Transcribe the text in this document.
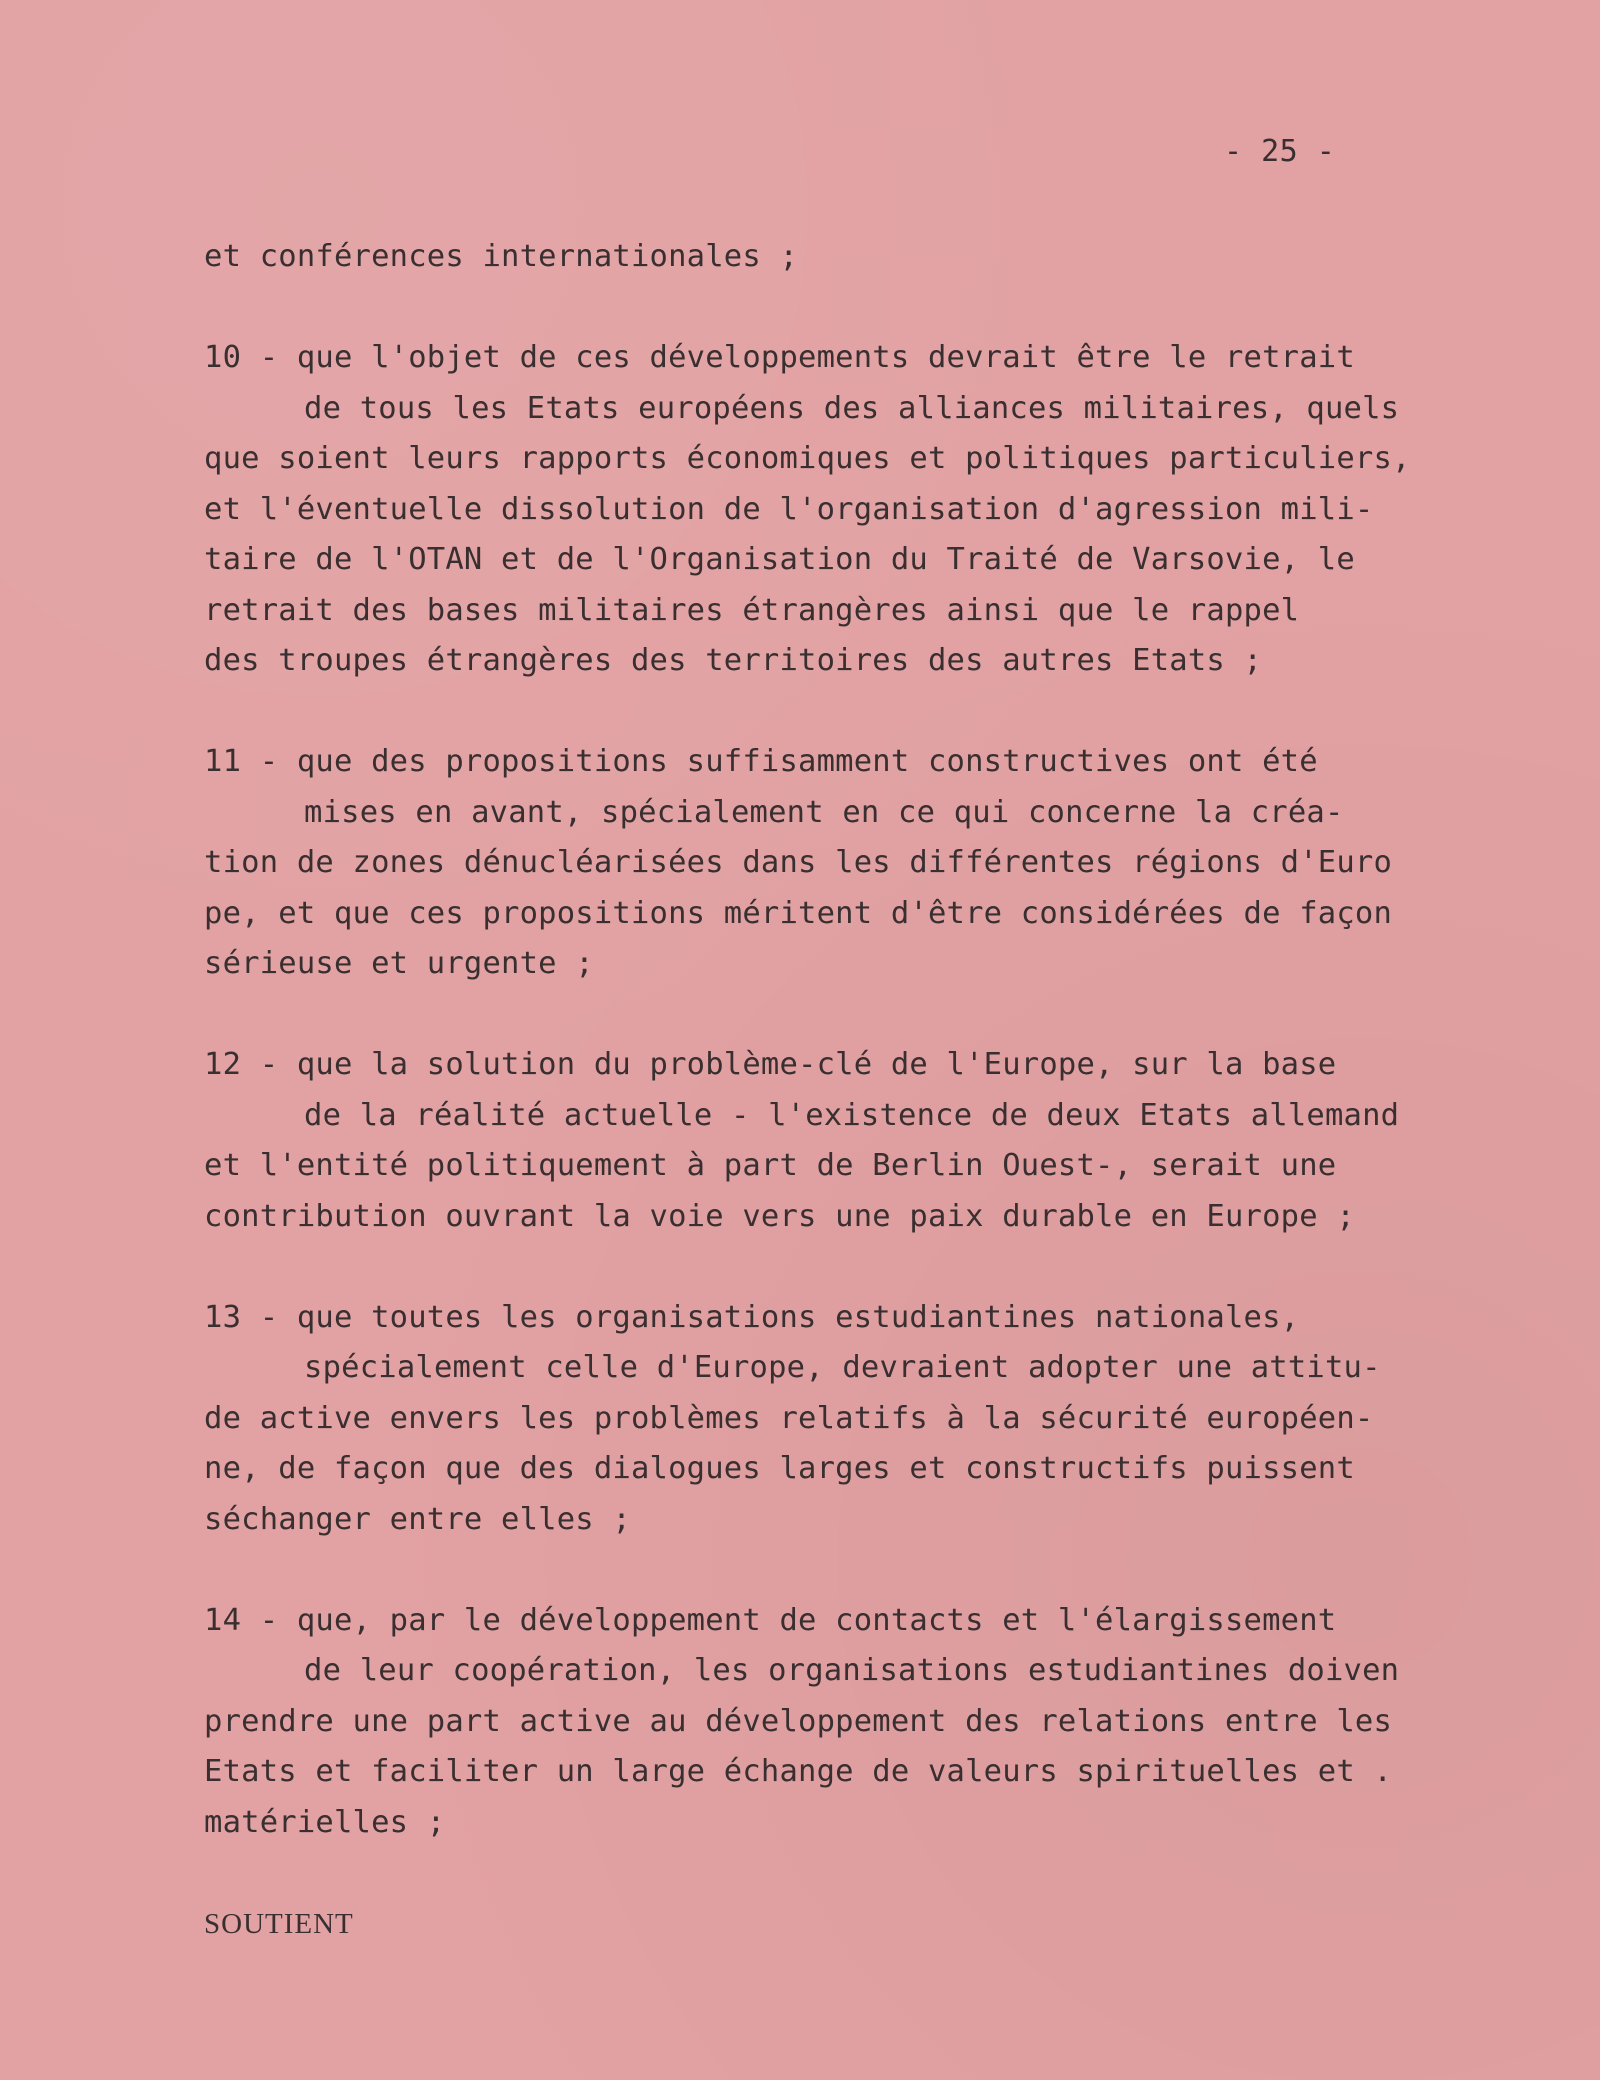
- 25 -
et conférences internationales ;
10 - que l'objet de ces développements devrait être le retrait
de tous les Etats européens des alliances militaires, quels
que soient leurs rapports économiques et politiques particuliers,
et l'éventuelle dissolution de l'organisation d'agression mili-
taire de l'OTAN et de l'Organisation du Traité de Varsovie, le
retrait des bases militaires étrangères ainsi que le rappel
des troupes étrangères des territoires des autres Etats ;
11 - que des propositions suffisamment constructives ont été
mises en avant, spécialement en ce qui concerne la créa-
tion de zones dénucléarisées dans les différentes régions d'Euro
pe, et que ces propositions méritent d'être considérées de façon
sérieuse et urgente ;
12 - que la solution du problème-clé de l'Europe, sur la base
de la réalité actuelle - l'existence de deux Etats allemand
et l'entité politiquement à part de Berlin Ouest-, serait une
contribution ouvrant la voie vers une paix durable en Europe ;
13 - que toutes les organisations estudiantines nationales,
spécialement celle d'Europe, devraient adopter une attitu-
de active envers les problèmes relatifs à la sécurité européen-
ne, de façon que des dialogues larges et constructifs puissent
séchanger entre elles ;
14 - que, par le développement de contacts et l'élargissement
de leur coopération, les organisations estudiantines doiven
prendre une part active au développement des relations entre les
Etats et faciliter un large échange de valeurs spirituelles et .
matérielles ;
SOUTIENT
